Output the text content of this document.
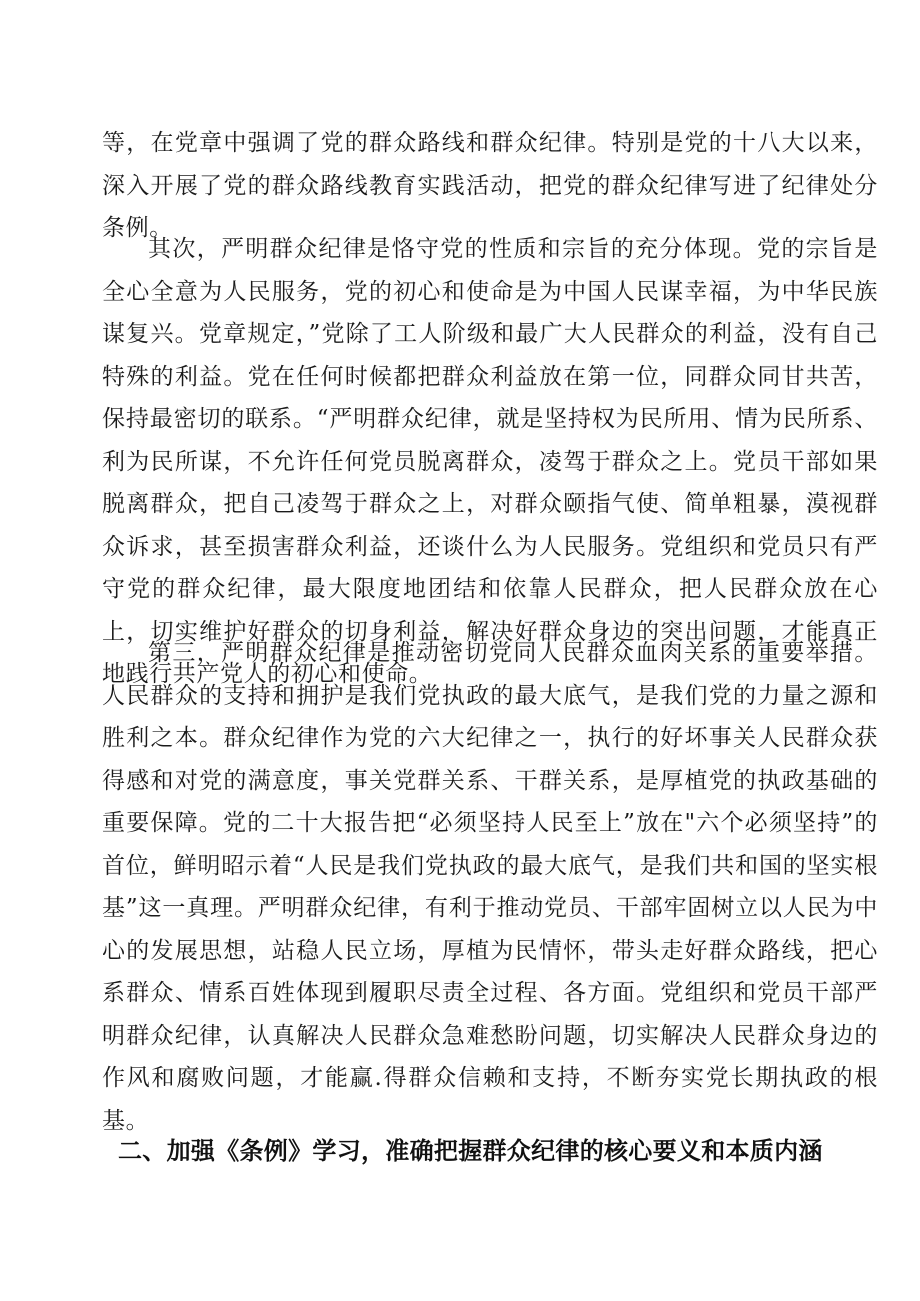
等，在党章中强调了党的群众路线和群众纪律。特别是党的十八大以来，深入开展了党的群众路线教育实践活动，把党的群众纪律写进了纪律处分条例。

其次，严明群众纪律是恪守党的性质和宗旨的充分体现。党的宗旨是全心全意为人民服务，党的初心和使命是为中国人民谋幸福，为中华民族谋复兴。党章规定，”党除了工人阶级和最广大人民群众的利益，没有自己特殊的利益。党在任何时候都把群众利益放在第一位，同群众同甘共苦，保持最密切的联系。“严明群众纪律，就是坚持权为民所用、情为民所系、利为民所谋，不允许任何党员脱离群众，凌驾于群众之上。党员干部如果脱离群众，把自己凌驾于群众之上，对群众颐指气使、简单粗暴，漠视群众诉求，甚至损害群众利益，还谈什么为人民服务。党组织和党员只有严守党的群众纪律，最大限度地团结和依靠人民群众，把人民群众放在心上，切实维护好群众的切身利益，解决好群众身边的突出问题，才能真正地践行共产党人的初心和使命。

第三，严明群众纪律是推动密切党同人民群众血肉关系的重要举措。人民群众的支持和拥护是我们党执政的最大底气，是我们党的力量之源和胜利之本。群众纪律作为党的六大纪律之一，执行的好坏事关人民群众获得感和对党的满意度，事关党群关系、干群关系，是厚植党的执政基础的重要保障。党的二十大报告把“必须坚持人民至上”放在"六个必须坚持”的首位，鲜明昭示着“人民是我们党执政的最大底气，是我们共和国的坚实根基”这一真理。严明群众纪律，有利于推动党员、干部牢固树立以人民为中心的发展思想，站稳人民立场，厚植为民情怀，带头走好群众路线，把心系群众、情系百姓体现到履职尽责全过程、各方面。党组织和党员干部严明群众纪律，认真解决人民群众急难愁盼问题，切实解决人民群众身边的作风和腐败问题，才能赢.得群众信赖和支持，不断夯实党长期执政的根基。

二、加强《条例》学习，准确把握群众纪律的核心要义和本质内涵
